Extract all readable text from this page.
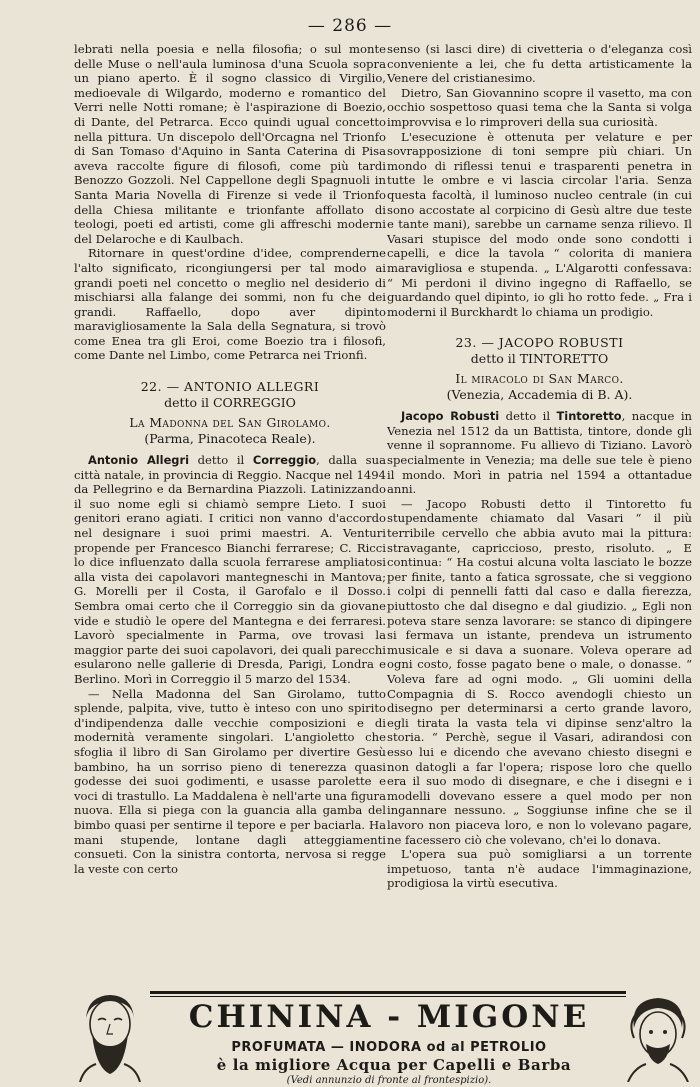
— 286 —

lebrati nella poesia e nella filosofia; o sul monte delle Muse o nell'aula luminosa d'una Scuola sopra un piano aperto. È il sogno classico di Virgilio, medioevale di Wilgardo, moderno e romantico del Verri nelle Notti romane; è l'aspirazione di Boezio, di Dante, del Petrarca. Ecco quindi ugual concetto nella pittura. Un discepolo dell'Orcagna nel Trionfo di San Tomaso d'Aquino in Santa Caterina di Pisa aveva raccolte figure di filosofi, come più tardi Benozzo Gozzoli. Nel Cappellone degli Spagnuoli in Santa Maria Novella di Firenze si vede il Trionfo della Chiesa militante e trionfante affollato di teologi, poeti ed artisti, come gli affreschi moderni del Delaroche e di Kaulbach.

Ritornare in quest'ordine d'idee, comprenderne l'alto significato, ricongiungersi per tal modo ai grandi poeti nel concetto o meglio nel desiderio di mischiarsi alla falange dei sommi, non fu che dei grandi. Raffaello, dopo aver dipinto maravigliosamente la Sala della Segnatura, si trovò come Enea tra gli Eroi, come Boezio tra i filosofi, come Dante nel Limbo, come Petrarca nei Trionfi.

22. — ANTONIO ALLEGRI
detto il CORREGGIO
La Madonna del San Girolamo.
(Parma, Pinacoteca Reale).

Antonio Allegri detto il Correggio, dalla sua città natale, in provincia di Reggio. Nacque nel 1494 da Pellegrino e da Bernardina Piazzoli. Latinizzando il suo nome egli si chiamò sempre Lieto. I suoi genitori erano agiati. I critici non vanno d'accordo nel designare i suoi primi maestri. A. Venturi propende per Francesco Bianchi ferrarese; C. Ricci lo dice influenzato dalla scuola ferrarese ampliatosi alla vista dei capolavori mantegneschi in Mantova; G. Morelli per il Costa, il Garofalo e il Dosso. Sembra omai certo che il Correggio sin da giovane vide e studiò le opere del Mantegna e dei ferraresi. Lavorò specialmente in Parma, ove trovasi la maggior parte dei suoi capolavori, dei quali parecchi esularono nelle gallerie di Dresda, Parigi, Londra e Berlino. Morì in Correggio il 5 marzo del 1534.

— Nella Madonna del San Girolamo, tutto splende, palpita, vive, tutto è inteso con uno spirito d'indipendenza dalle vecchie composizioni e di modernità veramente singolari. L'angioletto che sfoglia il libro di San Girolamo per divertire Gesù bambino, ha un sorriso pieno di tenerezza quasi godesse dei suoi godimenti, e usasse parolette e voci di trastullo. La Maddalena è nell'arte una figura nuova. Ella si piega con la guancia alla gamba del bimbo quasi per sentirne il tepore e per baciarla. Ha mani stupende, lontane dagli atteggiamenti consueti. Con la sinistra contorta, nervosa si regge la veste con certo

senso (si lasci dire) di civetteria o d'eleganza così conveniente a lei, che fu detta artisticamente la Venere del cristianesimo.

Dietro, San Giovannino scopre il vasetto, ma con occhio sospettoso quasi tema che la Santa si volga improvvisa e lo rimproveri della sua curiosità.

L'esecuzione è ottenuta per velature e per sovrapposizione di toni sempre più chiari. Un mondo di riflessi tenui e trasparenti penetra in tutte le ombre e vi lascia circolar l'aria. Senza questa facoltà, il luminoso nucleo centrale (in cui sono accostate al corpicino di Gesù altre due teste e tante mani), sarebbe un carname senza rilievo. Il Vasari stupisce del modo onde sono condotti i capelli, e dice la tavola “ colorita di maniera maravigliosa e stupenda. „ L'Algarotti confessava: “ Mi perdoni il divino ingegno di Raffaello, se guardando quel dipinto, io gli ho rotto fede. „ Fra i moderni il Burckhardt lo chiama un prodigio.

23. — JACOPO ROBUSTI
detto il TINTORETTO
Il miracolo di San Marco.
(Venezia, Accademia di B. A).

Jacopo Robusti detto il Tintoretto, nacque in Venezia nel 1512 da un Battista, tintore, donde gli venne il soprannome. Fu allievo di Tiziano. Lavorò specialmente in Venezia; ma delle sue tele è pieno il mondo. Morì in patria nel 1594 a ottantadue anni.

— Jacopo Robusti detto il Tintoretto fu stupendamente chiamato dal Vasari “ il più terribile cervello che abbia avuto mai la pittura: stravagante, capriccioso, presto, risoluto. „ E continua: “ Ha costui alcuna volta lasciato le bozze per finite, tanto a fatica sgrossate, che si veggiono i colpi di pennelli fatti dal caso e dalla fierezza, piuttosto che dal disegno e dal giudizio. „ Egli non poteva stare senza lavorare: se stanco di dipingere si fermava un istante, prendeva un istrumento musicale e si dava a suonare. Voleva operare ad ogni costo, fosse pagato bene o male, o donasse. “ Voleva fare ad ogni modo. „ Gli uomini della Compagnia di S. Rocco avendogli chiesto un disegno per determinarsi a certo grande lavoro, egli tirata la vasta tela vi dipinse senz'altro la storia. “ Perchè, segue il Vasari, adirandosi con esso lui e dicendo che avevano chiesto disegni e non datogli a far l'opera; rispose loro che quello era il suo modo di disegnare, e che i disegni e i modelli dovevano essere a quel modo per non ingannare nessuno. „ Soggiunse infine che se il lavoro non piaceva loro, e non lo volevano pagare, ne facessero ciò che volevano, ch'ei lo donava.

L'opera sua può somigliarsi a un torrente impetuoso, tanta n'è audace l'immaginazione, prodigiosa la virtù esecutiva.

CHININA - MIGONE
PROFUMATA — INODORA od al PETROLIO
è la migliore Acqua per Capelli e Barba
(Vedi annunzio di fronte al frontespizio).
